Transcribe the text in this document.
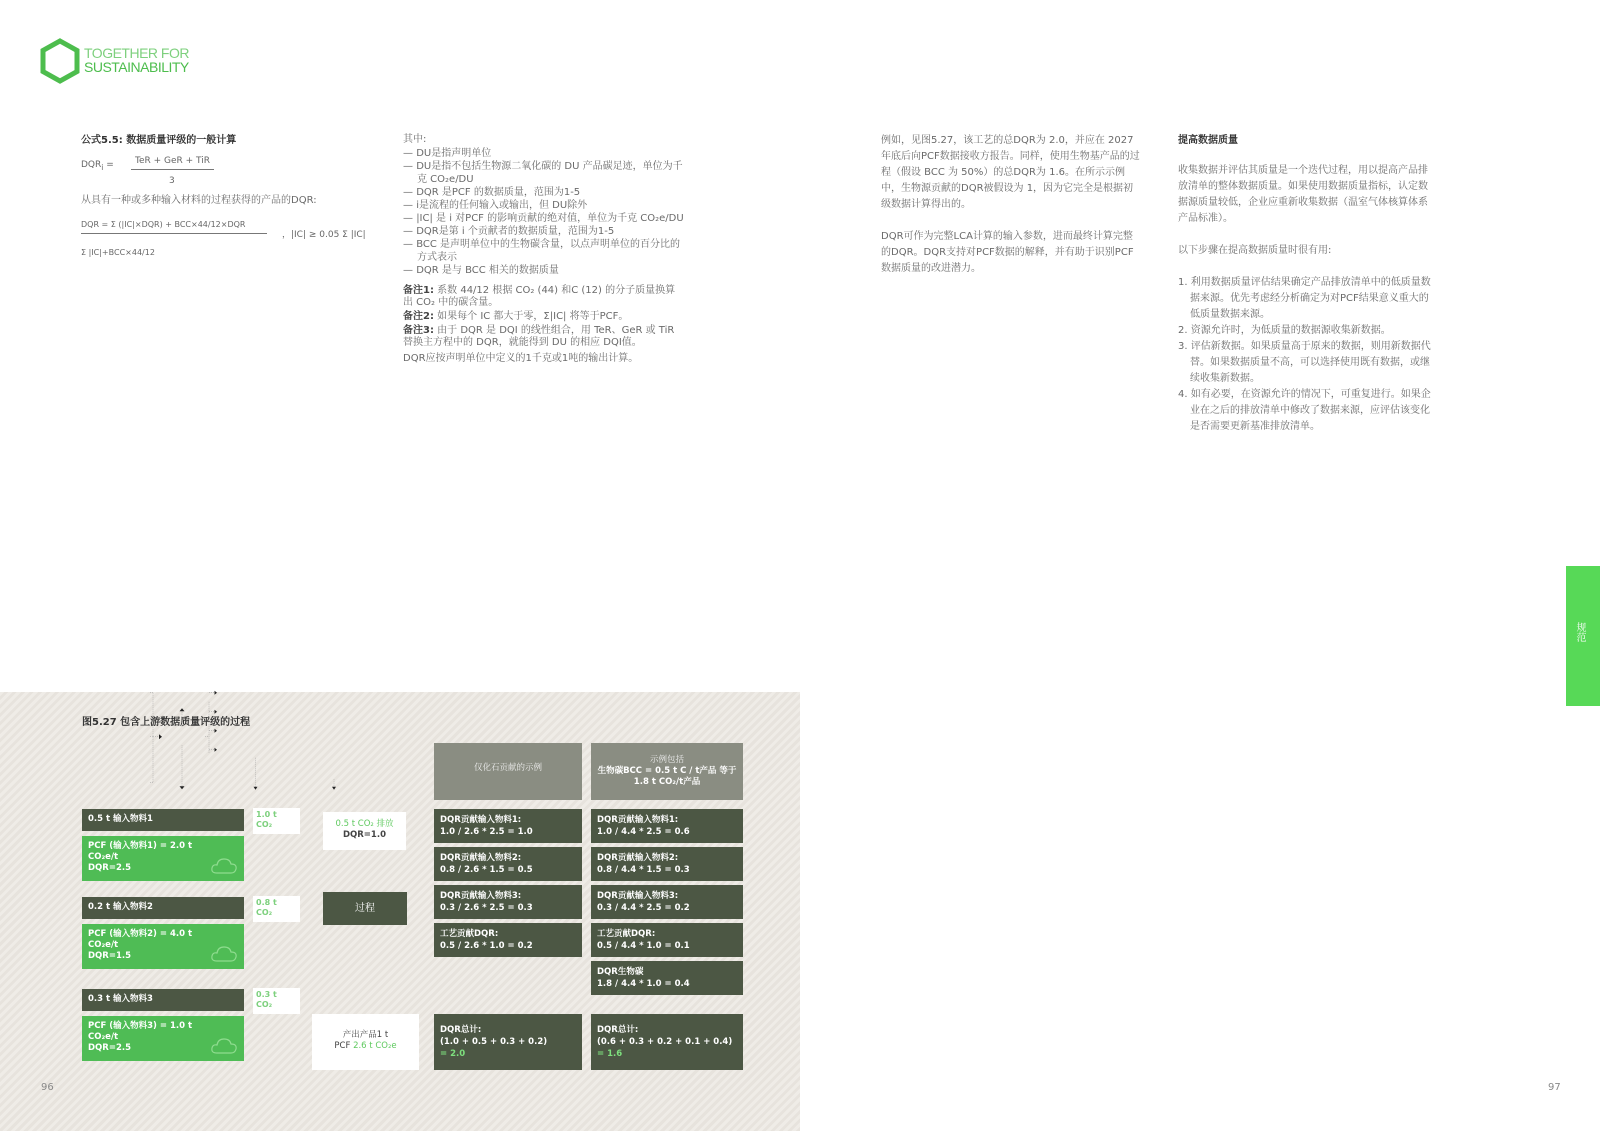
TOGETHER FOR
SUSTAINABILITY
公式5.5: 数据质量评级的一般计算
$DQR_i$ =	TeR + GeR + TiR
3
从具有一种或多种输入材料的过程获得的产品的DQR:
DQR = Σ (|IC|×DQR) + BCC×44/12×DQR
，|IC| ≥ 0.05 Σ |IC|
Σ |IC|+BCC×44/12
其中:
— DU是指声明单位
— DU是指不包括生物源二氧化碳的 DU 产品碳足迹，单位为千克 CO₂e/DU
— DQR 是PCF 的数据质量，范围为1-5
— i是流程的任何输入或输出，但 DU除外
— |IC| 是 i 对PCF 的影响贡献的绝对值，单位为千克 CO₂e/DU
— DQR是第 i 个贡献者的数据质量，范围为1-5
— BCC 是声明单位中的生物碳含量，以点声明单位的百分比的方式表示
— DQR 是与 BCC 相关的数据质量
备注1: 系数 44/12 根据 CO₂ (44) 和C (12) 的分子质量换算出 CO₂ 中的碳含量。
备注2: 如果每个 IC 都大于零，Σ|IC| 将等于PCF。
备注3: 由于 DQR 是 DQI 的线性组合，用 TeR、GeR 或 TiR 替换主方程中的 DQR，就能得到 DU 的相应 DQI值。
DQR应按声明单位中定义的1千克或1吨的输出计算。
例如，见图5.27，该工艺的总DQR为 2.0，并应在 2027 年底后向PCF数据接收方报告。同样，使用生物基产品的过程（假设 BCC 为 50%）的总DQR为 1.6。在所示示例中，生物源贡献的DQR被假设为 1，因为它完全是根据初级数据计算得出的。
DQR可作为完整LCA计算的输入参数，进而最终计算完整的DQR。DQR支持对PCF数据的解释，并有助于识别PCF数据质量的改进潜力。
提高数据质量
收集数据并评估其质量是一个迭代过程，用以提高产品排放清单的整体数据质量。如果使用数据质量指标，认定数据源质量较低，企业应重新收集数据（温室气体核算体系产品标准）。
以下步骤在提高数据质量时很有用:
1. 利用数据质量评估结果确定产品排放清单中的低质量数据来源。优先考虑经分析确定为对PCF结果意义重大的低质量数据来源。
2. 资源允许时，为低质量的数据源收集新数据。
3. 评估新数据。如果质量高于原来的数据，则用新数据代替。如果数据质量不高，可以选择使用既有数据，或继续收集新数据。
4. 如有必要，在资源允许的情况下，可重复进行。如果企业在之后的排放清单中修改了数据来源，应评估该变化是否需要更新基准排放清单。
规范
图5.27 包含上游数据质量评级的过程
0.5 t 输入物料1
PCF (输入物料1) = 2.0 t
CO₂e/t
DQR=2.5
1.0 t
CO₂
0.2 t 输入物料2
PCF (输入物料2) = 4.0 t
CO₂e/t
DQR=1.5
0.8 t
CO₂
0.3 t 输入物料3
PCF (输入物料3) = 1.0 t
CO₂e/t
DQR=2.5
0.3 t
CO₂
0.5 t CO₂ 排放
DQR=1.0
过程
产出产品1 t
PCF 2.6 t CO₂e
仅化石贡献的示例
示例包括
生物碳BCC = 0.5 t C / t产品 等于 1.8 t CO₂/t产品
DQR贡献输入物料1:
1.0 / 2.6 * 2.5 = 1.0
DQR贡献输入物料2:
0.8 / 2.6 * 1.5 = 0.5
DQR贡献输入物料3:
0.3 / 2.6 * 2.5 = 0.3
工艺贡献DQR:
0.5 / 2.6 * 1.0 = 0.2
DQR贡献输入物料1:
1.0 / 4.4 * 2.5 = 0.6
DQR贡献输入物料2:
0.8 / 4.4 * 1.5 = 0.3
DQR贡献输入物料3:
0.3 / 4.4 * 2.5 = 0.2
工艺贡献DQR:
0.5 / 4.4 * 1.0 = 0.1
DQR生物碳
1.8 / 4.4 * 1.0 = 0.4
DQR总计:
(1.0 + 0.5 + 0.3 + 0.2)
= 2.0
DQR总计:
(0.6 + 0.3 + 0.2 + 0.1 + 0.4)
= 1.6
96	97
